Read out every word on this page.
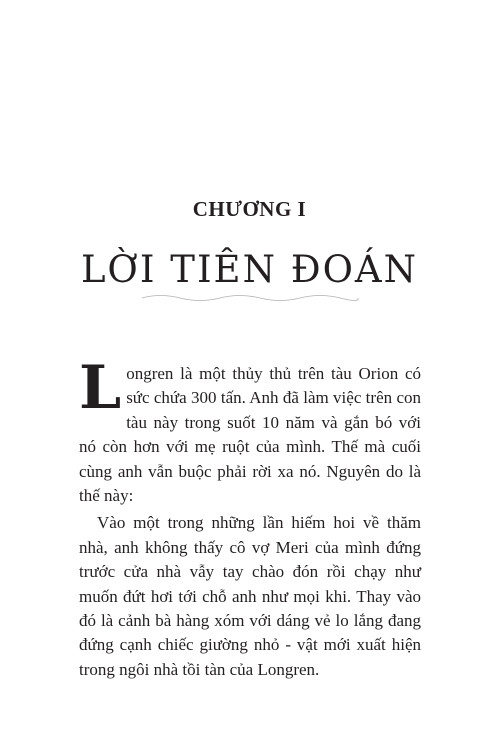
CHƯƠNG I
LỜI TIÊN ĐOÁN

Longren là một thủy thủ trên tàu Orion có sức chứa 300 tấn. Anh đã làm việc trên con tàu này trong suốt 10 năm và gắn bó với nó còn hơn với mẹ ruột của mình. Thế mà cuối cùng anh vẫn buộc phải rời xa nó. Nguyên do là thế này:

Vào một trong những lần hiếm hoi về thăm nhà, anh không thấy cô vợ Meri của mình đứng trước cửa nhà vẫy tay chào đón rồi chạy như muốn đứt hơi tới chỗ anh như mọi khi. Thay vào đó là cảnh bà hàng xóm với dáng vẻ lo lắng đang đứng cạnh chiếc giường nhỏ - vật mới xuất hiện trong ngôi nhà tồi tàn của Longren.
